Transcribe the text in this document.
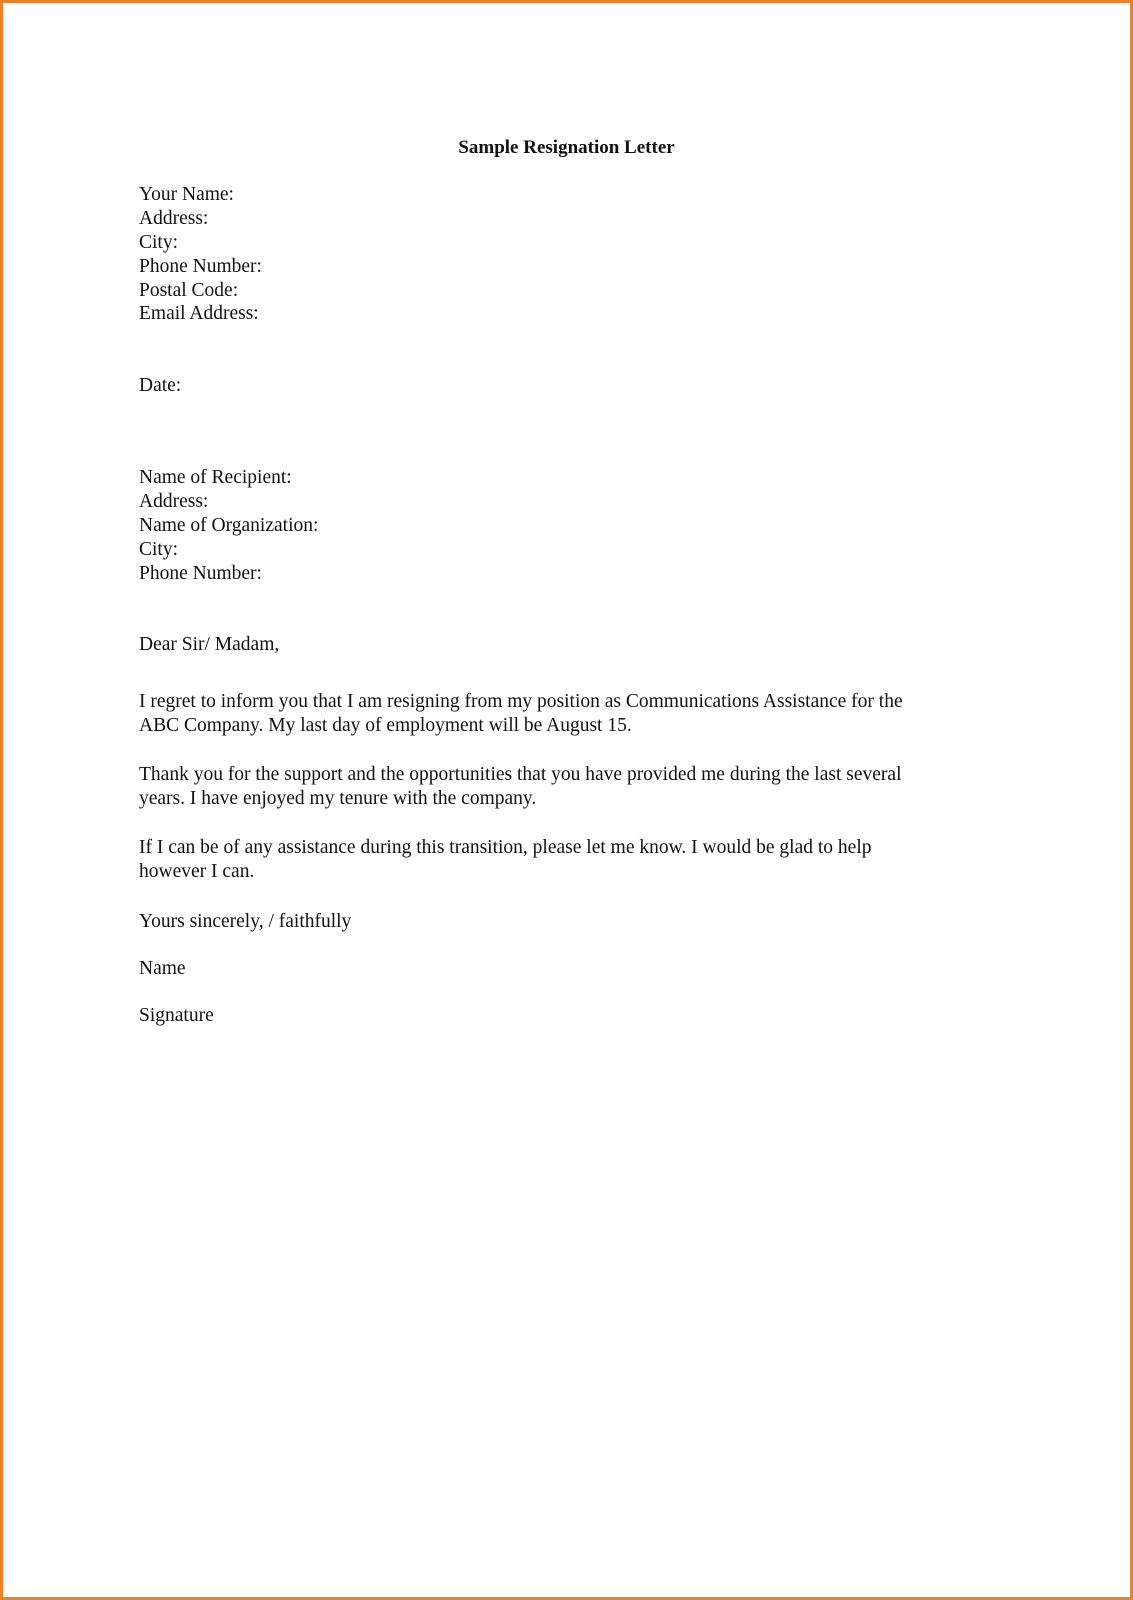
Sample Resignation Letter
Your Name:
Address:
City:
Phone Number:
Postal Code:
Email Address:
Date:
Name of Recipient:
Address:
Name of Organization:
City:
Phone Number:
Dear Sir/ Madam,
I regret to inform you that I am resigning from my position as Communications Assistance for the
ABC Company. My last day of employment will be August 15.
Thank you for the support and the opportunities that you have provided me during the last several
years. I have enjoyed my tenure with the company.
If I can be of any assistance during this transition, please let me know. I would be glad to help
however I can.
Yours sincerely, / faithfully
Name
Signature
